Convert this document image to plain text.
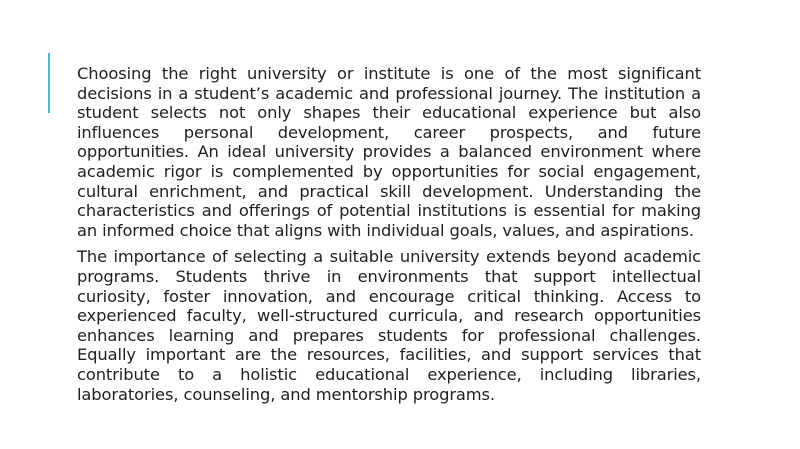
Choosing the right university or institute is one of the most significant decisions in a student’s academic and professional journey. The institution a student selects not only shapes their educational experience but also influences personal development, career prospects, and future opportunities. An ideal university provides a balanced environment where academic rigor is complemented by opportunities for social engagement, cultural enrichment, and practical skill development. Understanding the characteristics and offerings of potential institutions is essential for making an informed choice that aligns with individual goals, values, and aspirations.

The importance of selecting a suitable university extends beyond academic programs. Students thrive in environments that support intellectual curiosity, foster innovation, and encourage critical thinking. Access to experienced faculty, well-structured curricula, and research opportunities enhances learning and prepares students for professional challenges. Equally important are the resources, facilities, and support services that contribute to a holistic educational experience, including libraries, laboratories, counseling, and mentorship programs.
